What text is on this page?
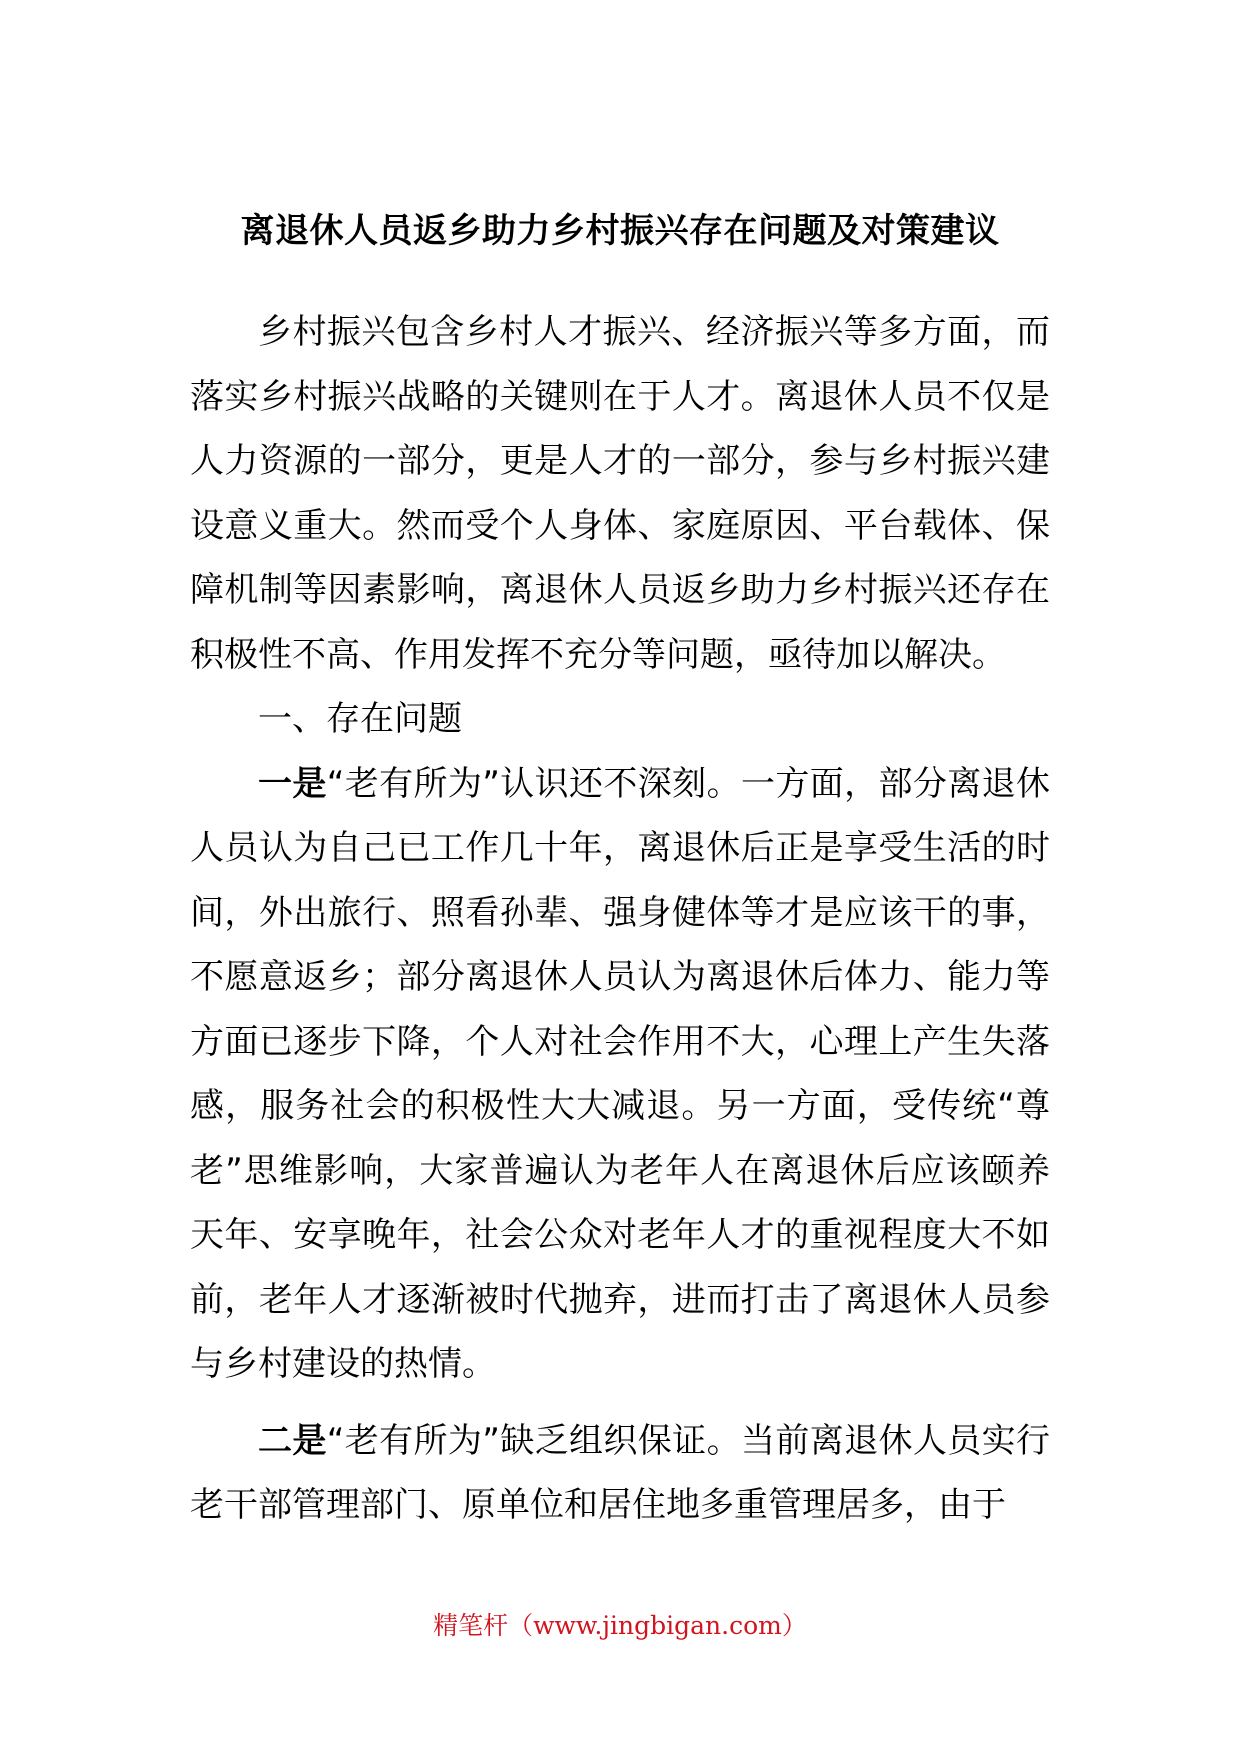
离退休人员返乡助力乡村振兴存在问题及对策建议

乡村振兴包含乡村人才振兴、经济振兴等多方面，而落实乡村振兴战略的关键则在于人才。离退休人员不仅是人力资源的一部分，更是人才的一部分，参与乡村振兴建设意义重大。然而受个人身体、家庭原因、平台载体、保障机制等因素影响，离退休人员返乡助力乡村振兴还存在积极性不高、作用发挥不充分等问题，亟待加以解决。

一、存在问题

一是“老有所为”认识还不深刻。一方面，部分离退休人员认为自己已工作几十年，离退休后正是享受生活的时间，外出旅行、照看孙辈、强身健体等才是应该干的事，不愿意返乡；部分离退休人员认为离退休后体力、能力等方面已逐步下降，个人对社会作用不大，心理上产生失落感，服务社会的积极性大大减退。另一方面，受传统“尊老”思维影响，大家普遍认为老年人在离退休后应该颐养天年、安享晚年，社会公众对老年人才的重视程度大不如前，老年人才逐渐被时代抛弃，进而打击了离退休人员参与乡村建设的热情。

二是“老有所为”缺乏组织保证。当前离退休人员实行老干部管理部门、原单位和居住地多重管理居多，由于

精笔杆（www.jingbigan.com）
